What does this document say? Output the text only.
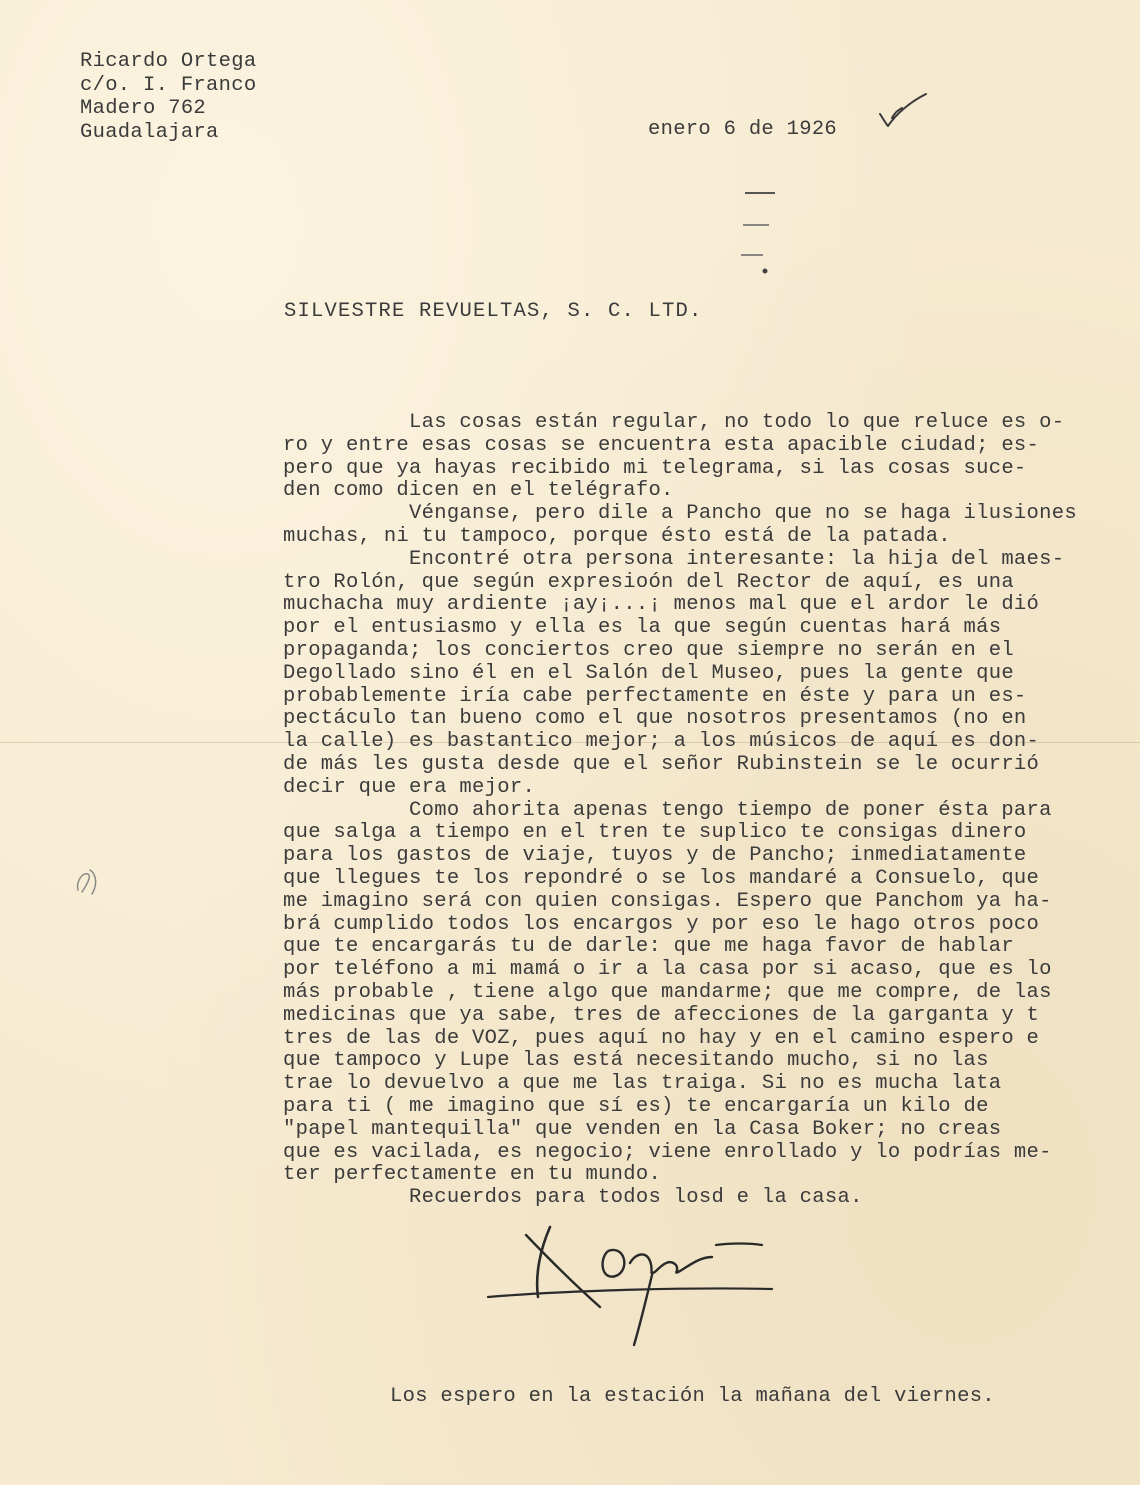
Ricardo Ortega
c/o. I. Franco
Madero 762
Guadalajara	enero 6 de 1926
SILVESTRE REVUELTAS, S. C. LTD.
Las cosas están regular, no todo lo que reluce es o-
ro y entre esas cosas se encuentra esta apacible ciudad; es-
pero que ya hayas recibido mi telegrama, si las cosas suce-
den como dicen en el telégrafo.
Vénganse, pero dile a Pancho que no se haga ilusiones
muchas, ni tu tampoco, porque ésto está de la patada.
Encontré otra persona interesante: la hija del maes-
tro Rolón, que según expresioón del Rector de aquí, es una
muchacha muy ardiente ¡ay¡...¡ menos mal que el ardor le dió
por el entusiasmo y ella es la que según cuentas hará más
propaganda; los conciertos creo que siempre no serán en el
Degollado sino él en el Salón del Museo, pues la gente que
probablemente iría cabe perfectamente en éste y para un es-
pectáculo tan bueno como el que nosotros presentamos (no en
la calle) es bastantico mejor; a los músicos de aquí es don-
de más les gusta desde que el señor Rubinstein se le ocurrió
decir que era mejor.
Como ahorita apenas tengo tiempo de poner ésta para
que salga a tiempo en el tren te suplico te consigas dinero
para los gastos de viaje, tuyos y de Pancho; inmediatamente
que llegues te los repondré o se los mandaré a Consuelo, que
me imagino será con quien consigas. Espero que Panchom ya ha-
brá cumplido todos los encargos y por eso le hago otros poco
que te encargarás tu de darle: que me haga favor de hablar
por teléfono a mi mamá o ir a la casa por si acaso, que es lo
más probable , tiene algo que mandarme; que me compre, de las
medicinas que ya sabe, tres de afecciones de la garganta y t
tres de las de VOZ, pues aquí no hay y en el camino espero e
que tampoco y Lupe las está necesitando mucho, si no las
trae lo devuelvo a que me las traiga. Si no es mucha lata
para ti ( me imagino que sí es) te encargaría un kilo de
"papel mantequilla" que venden en la Casa Boker; no creas
que es vacilada, es negocio; viene enrollado y lo podrías me-
ter perfectamente en tu mundo.
Recuerdos para todos losd e la casa.
Los espero en la estación la mañana del viernes.
